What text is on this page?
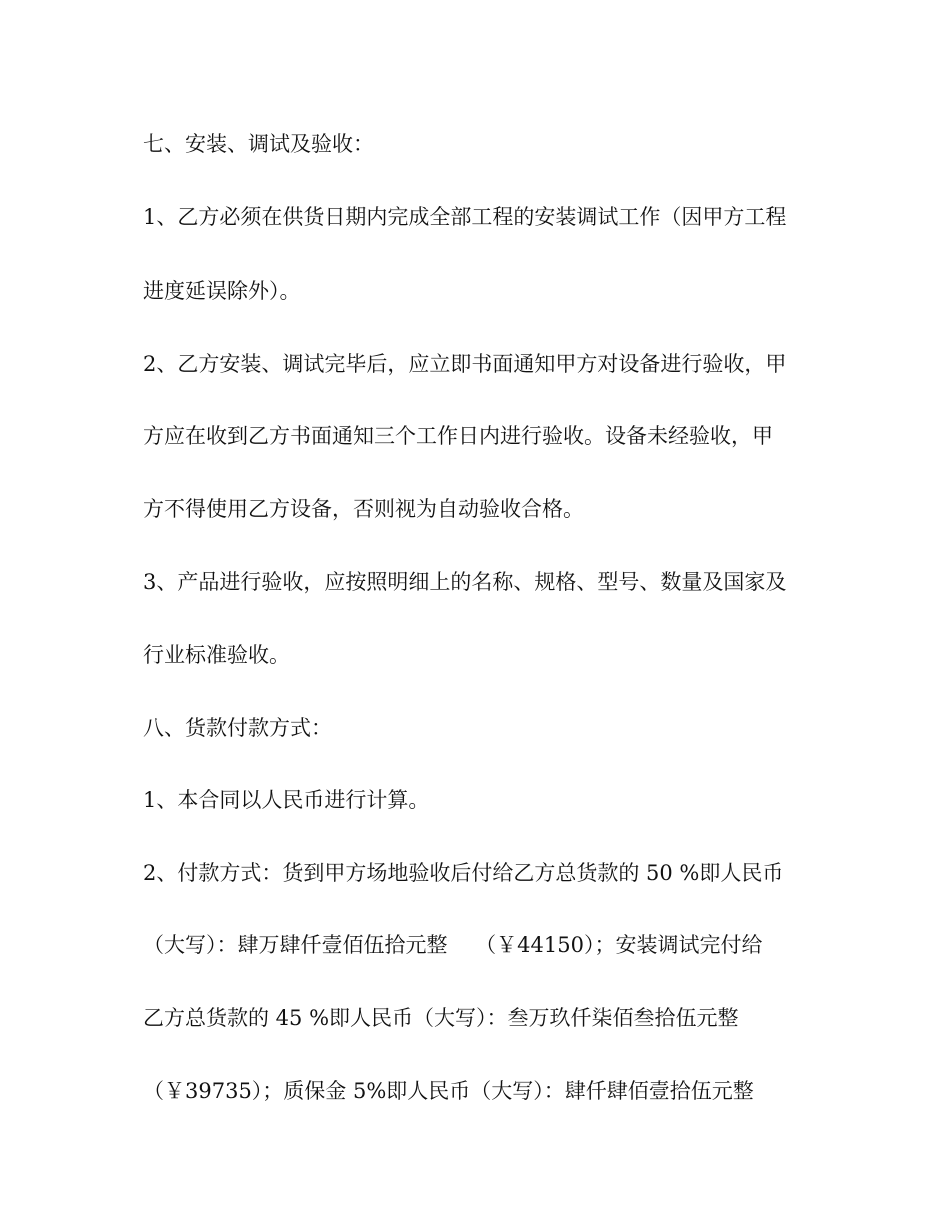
七、安装、调试及验收：
1、乙方必须在供货日期内完成全部工程的安装调试工作（因甲方工程
进度延误除外）。
2、乙方安装、调试完毕后，应立即书面通知甲方对设备进行验收，甲
方应在收到乙方书面通知三个工作日内进行验收。设备未经验收，甲
方不得使用乙方设备，否则视为自动验收合格。
3、产品进行验收，应按照明细上的名称、规格、型号、数量及国家及
行业标准验收。
八、货款付款方式：
1、本合同以人民币进行计算。
2、付款方式：货到甲方场地验收后付给乙方总货款的 50 %即人民币
（大写）：肆万肆仟壹佰伍拾元整　 （￥44150）；安装调试完付给
乙方总货款的 45 %即人民币（大写）：叁万玖仟柒佰叁拾伍元整
（￥39735）；质保金 5%即人民币（大写）：肆仟肆佰壹拾伍元整
